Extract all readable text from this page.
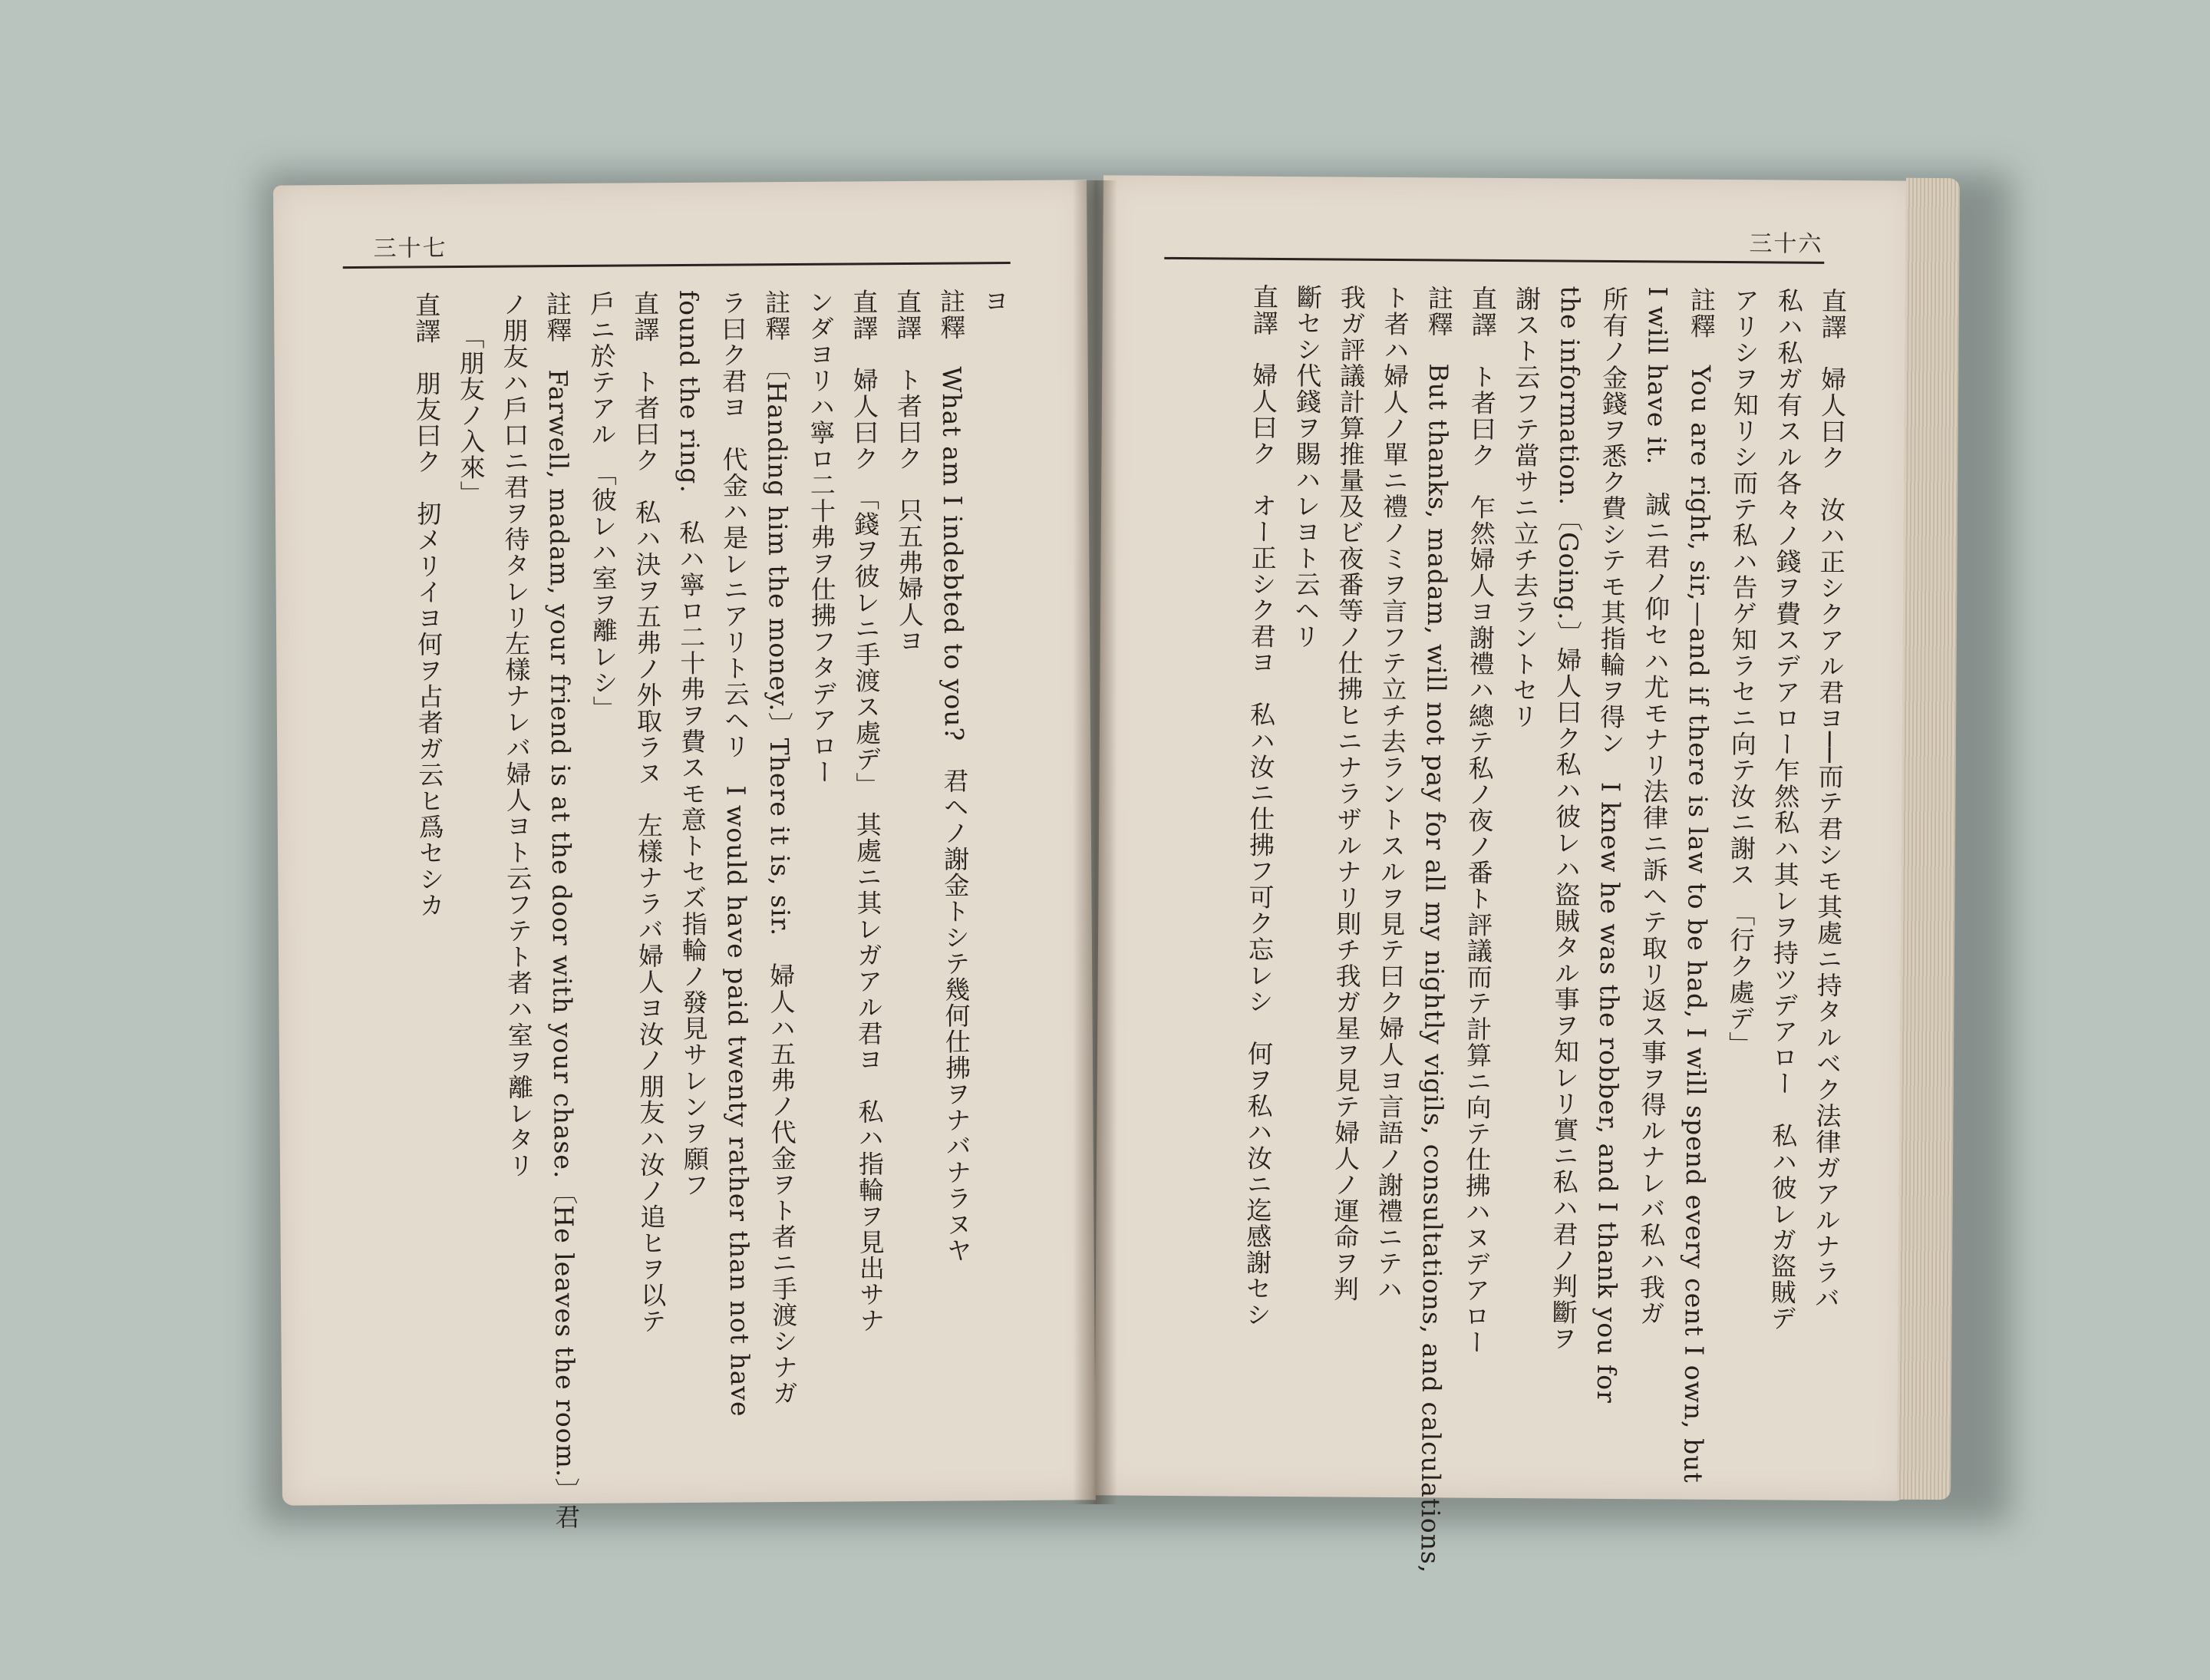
三十七
ヨ
註釋　What am I indebted to you?　君ヘノ謝金トシテ幾何仕拂ヲナバナラヌヤ
直譯　ト者曰ク　只五弗婦人ヨ
直譯　婦人曰ク　「錢ヲ彼レニ手渡ス處デ」　其處ニ其レガアル君ヨ　私ハ指輪ヲ見出サナ
ンダヨリハ寧ロ二十弗ヲ仕拂フタデアロー
註釋　〔Handing him the money.〕There it is, sir.　婦人ハ五弗ノ代金ヲト者ニ手渡シナガ
ラ曰ク君ヨ　代金ハ是レニアリト云ヘリ　I would have paid twenty rather than not have
found the ring.　私ハ寧ロ二十弗ヲ費スモ意トセズ指輪ノ發見サレンヲ願フ
直譯　ト者曰ク　私ハ決ヲ五弗ノ外取ラヌ　左樣ナラバ婦人ヨ汝ノ朋友ハ汝ノ追ヒヲ以テ
戶ニ於テアル　「彼レハ室ヲ離レシ」
註釋　Farwell, madam, your friend is at the door with your chase.〔He leaves the room.〕君
ノ朋友ハ戶口ニ君ヲ待タレリ左樣ナレバ婦人ヨト云フテト者ハ室ヲ離レタリ
「朋友ノ入來」
直譯　朋友曰ク　扨メリイヨ何ヲ占者ガ云ヒ爲セシカ
三十六
直譯　婦人曰ク　汝ハ正シクアル君ヨ──而テ君シモ其處ニ持タルベク法律ガアルナラバ
私ハ私ガ有スル各々ノ錢ヲ費スデアロー乍然私ハ其レヲ持ツデアロー　私ハ彼レガ盜賊デ
アリシヲ知リシ而テ私ハ告ゲ知ラセニ向テ汝ニ謝ス　「行ク處デ」
註釋　You are right, sir,—and if there is law to be had, I will spend every cent I own, but
I will have it.　誠ニ君ノ仰セハ尤モナリ法律ニ訴ヘテ取リ返ス事ヲ得ルナレバ私ハ我ガ
所有ノ金錢ヲ悉ク費シテモ其指輪ヲ得ン　I knew he was the robber, and I thank you for
the information.〔Going.〕婦人曰ク私ハ彼レハ盜賊タル事ヲ知レリ實ニ私ハ君ノ判斷ヲ
謝スト云フテ當サニ立チ去ラントセリ
直譯　ト者曰ク　乍然婦人ヨ謝禮ハ總テ私ノ夜ノ番ト評議而テ計算ニ向テ仕拂ハヌデアロー
註釋　But thanks, madam, will not pay for all my nightly vigils, consultations, and calculations,
ト者ハ婦人ノ單ニ禮ノミヲ言フテ立チ去ラントスルヲ見テ曰ク婦人ヨ言語ノ謝禮ニテハ
我ガ評議計算推量及ビ夜番等ノ仕拂ヒニナラザルナリ則チ我ガ星ヲ見テ婦人ノ運命ヲ判
斷セシ代錢ヲ賜ハレヨト云ヘリ
直譯　婦人曰ク　オー正シク君ヨ　私ハ汝ニ仕拂フ可ク忘レシ　何ヲ私ハ汝ニ迄感謝セシ
